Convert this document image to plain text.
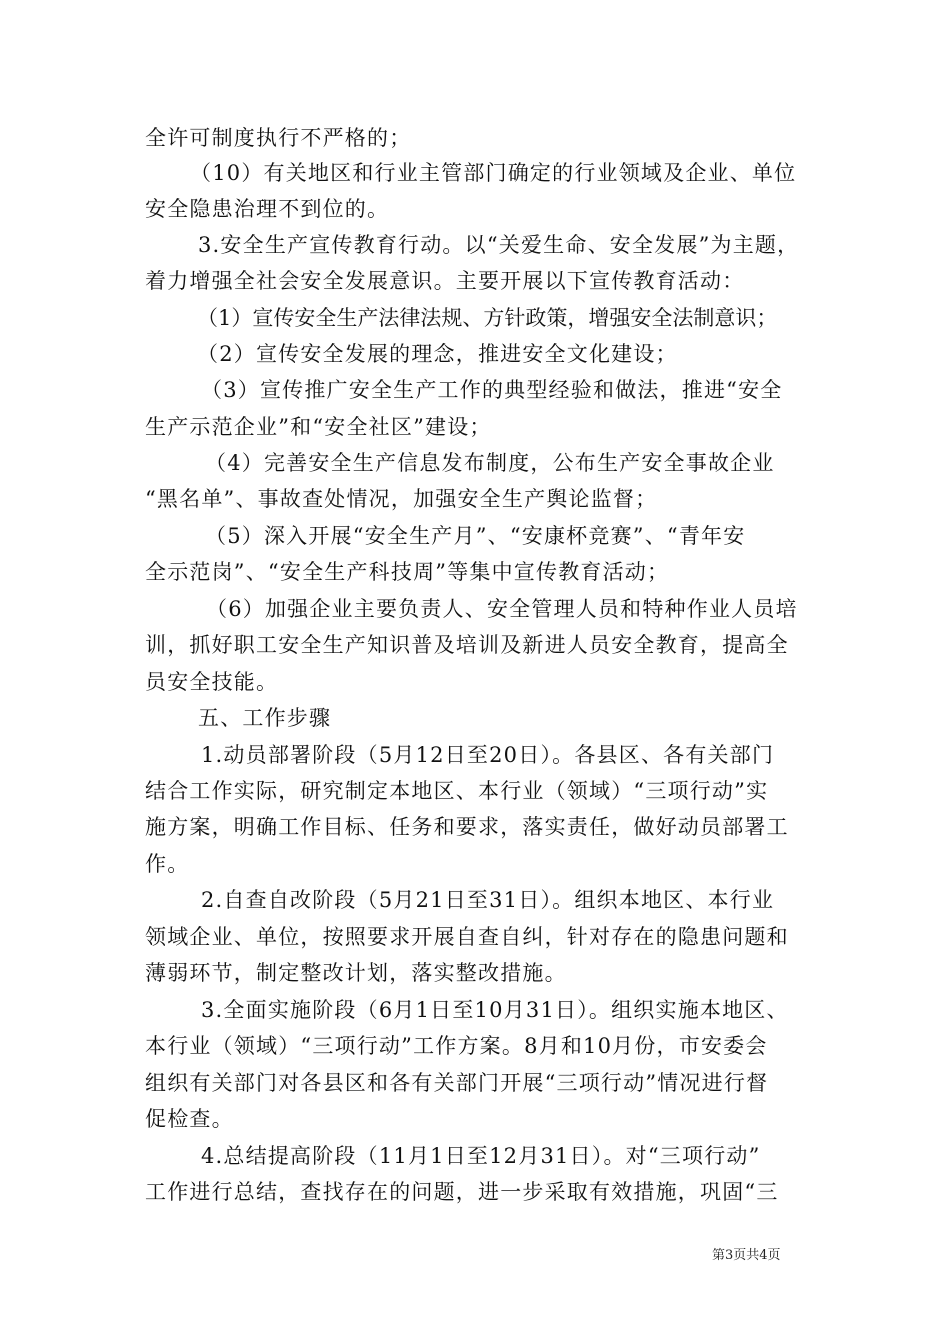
全许可制度执行不严格的；
（10）有关地区和行业主管部门确定的行业领域及企业、单位
安全隐患治理不到位的。
3.安全生产宣传教育行动。以“关爱生命、安全发展”为主题，
着力增强全社会安全发展意识。主要开展以下宣传教育活动：
（1）宣传安全生产法律法规、方针政策，增强安全法制意识；
（2）宣传安全发展的理念，推进安全文化建设；
（3）宣传推广安全生产工作的典型经验和做法，推进“安全
生产示范企业”和“安全社区”建设；
（4）完善安全生产信息发布制度，公布生产安全事故企业
“黑名单”、事故查处情况，加强安全生产舆论监督；
（5）深入开展“安全生产月”、“安康杯竞赛”、“青年安
全示范岗”、“安全生产科技周”等集中宣传教育活动；
（6）加强企业主要负责人、安全管理人员和特种作业人员培
训，抓好职工安全生产知识普及培训及新进人员安全教育，提高全
员安全技能。
五、工作步骤
1.动员部署阶段（5月12日至20日）。各县区、各有关部门
结合工作实际，研究制定本地区、本行业（领域）“三项行动”实
施方案，明确工作目标、任务和要求，落实责任，做好动员部署工
作。
2.自查自改阶段（5月21日至31日）。组织本地区、本行业
领域企业、单位，按照要求开展自查自纠，针对存在的隐患问题和
薄弱环节，制定整改计划，落实整改措施。
3.全面实施阶段（6月1日至10月31日）。组织实施本地区、
本行业（领域）“三项行动”工作方案。8月和10月份，市安委会
组织有关部门对各县区和各有关部门开展“三项行动”情况进行督
促检查。
4.总结提高阶段（11月1日至12月31日）。对“三项行动”
工作进行总结，查找存在的问题，进一步采取有效措施，巩固“三
第3页共4页
